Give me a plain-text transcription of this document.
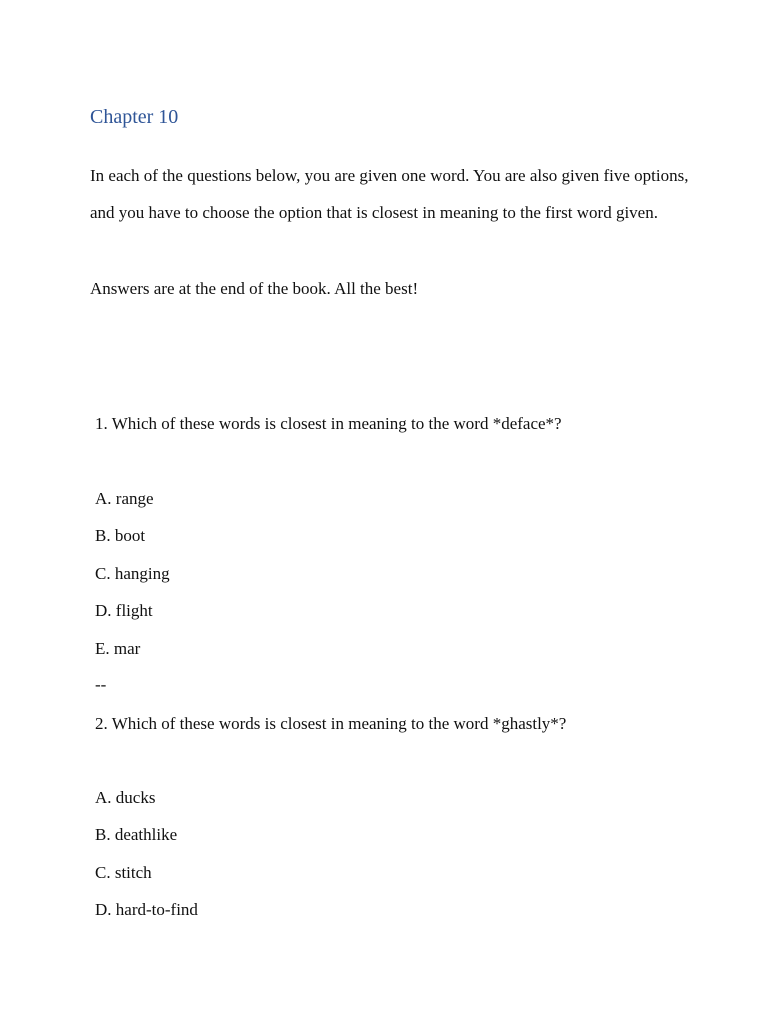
Chapter 10

In each of the questions below, you are given one word. You are also given five options, and you have to choose the option that is closest in meaning to the first word given.

Answers are at the end of the book. All the best!

1. Which of these words is closest in meaning to the word *deface*?

A. range
B. boot
C. hanging
D. flight
E. mar

--

2. Which of these words is closest in meaning to the word *ghastly*?

A. ducks
B. deathlike
C. stitch
D. hard-to-find
